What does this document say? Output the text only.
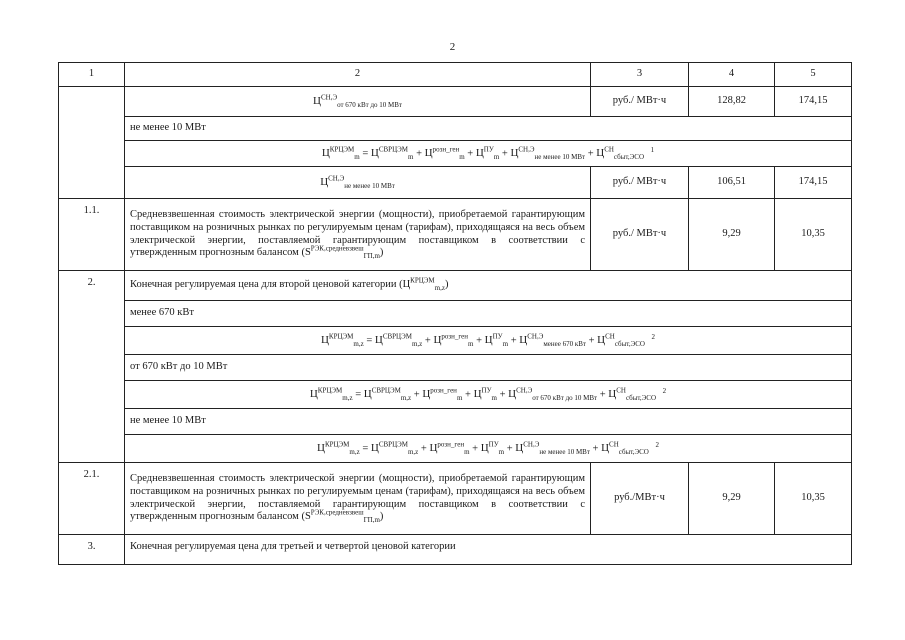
2
1	2	3	4	5
	$Ц^{СН,Э}_{от 670 кВт до 10 МВт}$	руб./ МВт·ч	128,82	174,15
	не менее 10 МВт			
	$Ц^{КРЦЭМ}_m = Ц^{СВРЦЭМ}_m + Ц^{розн\_ген}_m + Ц^{ПУ}_m + Ц^{СН,Э}_{не менее 10 МВт} + Ц^{СН}_{сбыт,ЭСО}$ $^1$
	$Ц^{СН,Э}_{не менее 10 МВт}$	руб./ МВт·ч	106,51	174,15
1.1.	Средневзвешенная стоимость электрической энергии (мощности), приобретаемой гарантирующим поставщиком на розничных рынках по регулируемым ценам (тарифам), приходящаяся на весь объем электрической энергии, поставляемой гарантирующим поставщиком в соответствии с утвержденным прогнозным балансом $(S^{РЭК,средневзвеш}_{ГП,m})$	руб./ МВт·ч	9,29	10,35
2.	Конечная регулируемая цена для второй ценовой категории $(Ц^{КРЦЭМ}_{m,z})$			
	менее 670 кВт			
	$Ц^{КРЦЭМ}_{m,z} = Ц^{СВРЦЭМ}_{m,z} + Ц^{розн\_ген}_m + Ц^{ПУ}_m + Ц^{СН,Э}_{менее 670 кВт} + Ц^{СН}_{сбыт,ЭСО}$ $^2$
	от 670 кВт до 10 МВт			
	$Ц^{КРЦЭМ}_{m,z} = Ц^{СВРЦЭМ}_{m,z} + Ц^{розн\_ген}_m + Ц^{ПУ}_m + Ц^{СН,Э}_{от 670 кВт до 10 МВт} + Ц^{СН}_{сбыт,ЭСО}$ $^2$
	не менее 10 МВт			
	$Ц^{КРЦЭМ}_{m,z} = Ц^{СВРЦЭМ}_{m,z} + Ц^{розн\_ген}_m + Ц^{ПУ}_m + Ц^{СН,Э}_{не менее 10 МВт} + Ц^{СН}_{сбыт,ЭСО}$ $^2$
2.1.	Средневзвешенная стоимость электрической энергии (мощности), приобретаемой гарантирующим поставщиком на розничных рынках по регулируемым ценам (тарифам), приходящаяся на весь объем электрической энергии, поставляемой гарантирующим поставщиком в соответствии с утвержденным прогнозным балансом $(S^{РЭК,средневзвеш}_{ГП,m})$	руб./МВт·ч	9,29	10,35
3.	Конечная регулируемая цена для третьей и четвертой ценовой категории			
